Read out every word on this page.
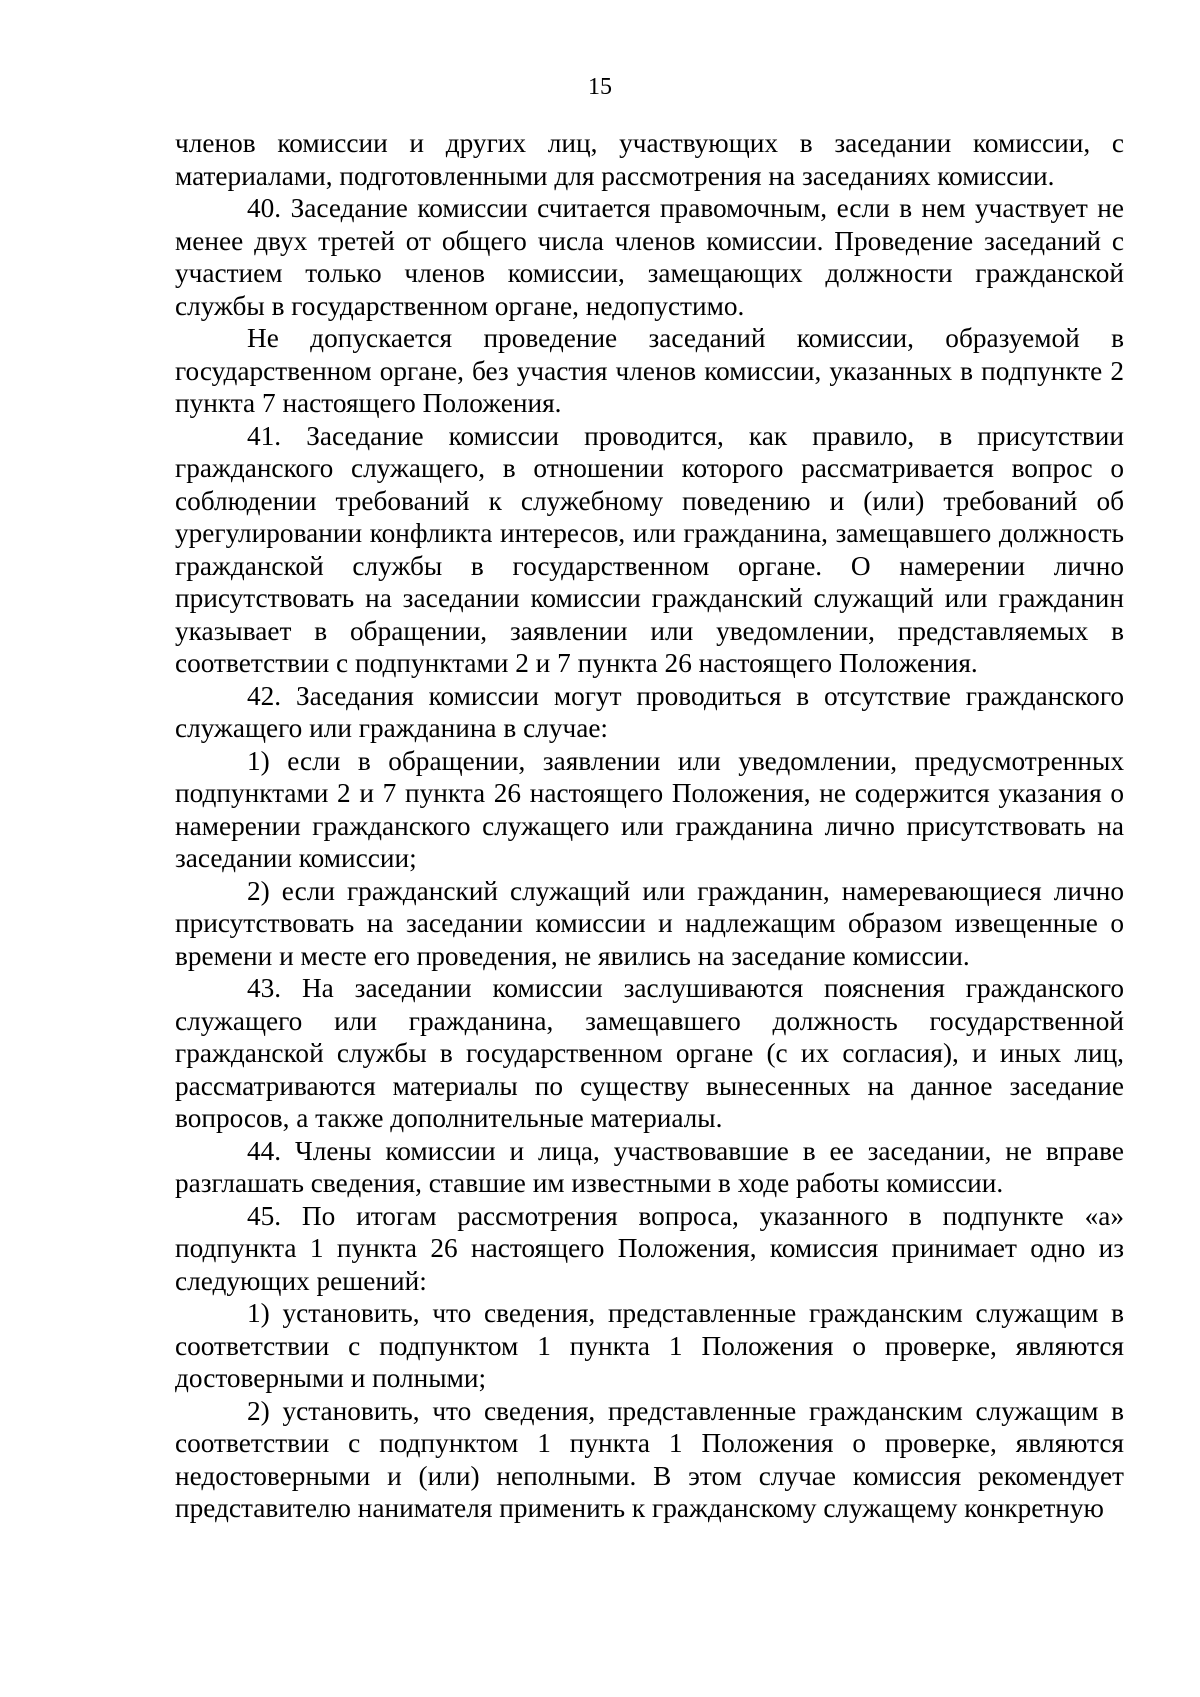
15

членов комиссии и других лиц, участвующих в заседании комиссии, с материалами, подготовленными для рассмотрения на заседаниях комиссии.

40. Заседание комиссии считается правомочным, если в нем участвует не менее двух третей от общего числа членов комиссии. Проведение заседаний с участием только членов комиссии, замещающих должности гражданской службы в государственном органе, недопустимо.

Не допускается проведение заседаний комиссии, образуемой в государственном органе, без участия членов комиссии, указанных в подпункте 2 пункта 7 настоящего Положения.

41. Заседание комиссии проводится, как правило, в присутствии гражданского служащего, в отношении которого рассматривается вопрос о соблюдении требований к служебному поведению и (или) требований об урегулировании конфликта интересов, или гражданина, замещавшего должность гражданской службы в государственном органе. О намерении лично присутствовать на заседании комиссии гражданский служащий или гражданин указывает в обращении, заявлении или уведомлении, представляемых в соответствии с подпунктами 2 и 7 пункта 26 настоящего Положения.

42. Заседания комиссии могут проводиться в отсутствие гражданского служащего или гражданина в случае:

1) если в обращении, заявлении или уведомлении, предусмотренных подпунктами 2 и 7 пункта 26 настоящего Положения, не содержится указания о намерении гражданского служащего или гражданина лично присутствовать на заседании комиссии;

2) если гражданский служащий или гражданин, намеревающиеся лично присутствовать на заседании комиссии и надлежащим образом извещенные о времени и месте его проведения, не явились на заседание комиссии.

43. На заседании комиссии заслушиваются пояснения гражданского служащего или гражданина, замещавшего должность государственной гражданской службы в государственном органе (с их согласия), и иных лиц, рассматриваются материалы по существу вынесенных на данное заседание вопросов, а также дополнительные материалы.

44. Члены комиссии и лица, участвовавшие в ее заседании, не вправе разглашать сведения, ставшие им известными в ходе работы комиссии.

45. По итогам рассмотрения вопроса, указанного в подпункте «а» подпункта 1 пункта 26 настоящего Положения, комиссия принимает одно из следующих решений:

1) установить, что сведения, представленные гражданским служащим в соответствии с подпунктом 1 пункта 1 Положения о проверке, являются достоверными и полными;

2) установить, что сведения, представленные гражданским служащим в соответствии с подпунктом 1 пункта 1 Положения о проверке, являются недостоверными и (или) неполными. В этом случае комиссия рекомендует представителю нанимателя применить к гражданскому служащему конкретную
